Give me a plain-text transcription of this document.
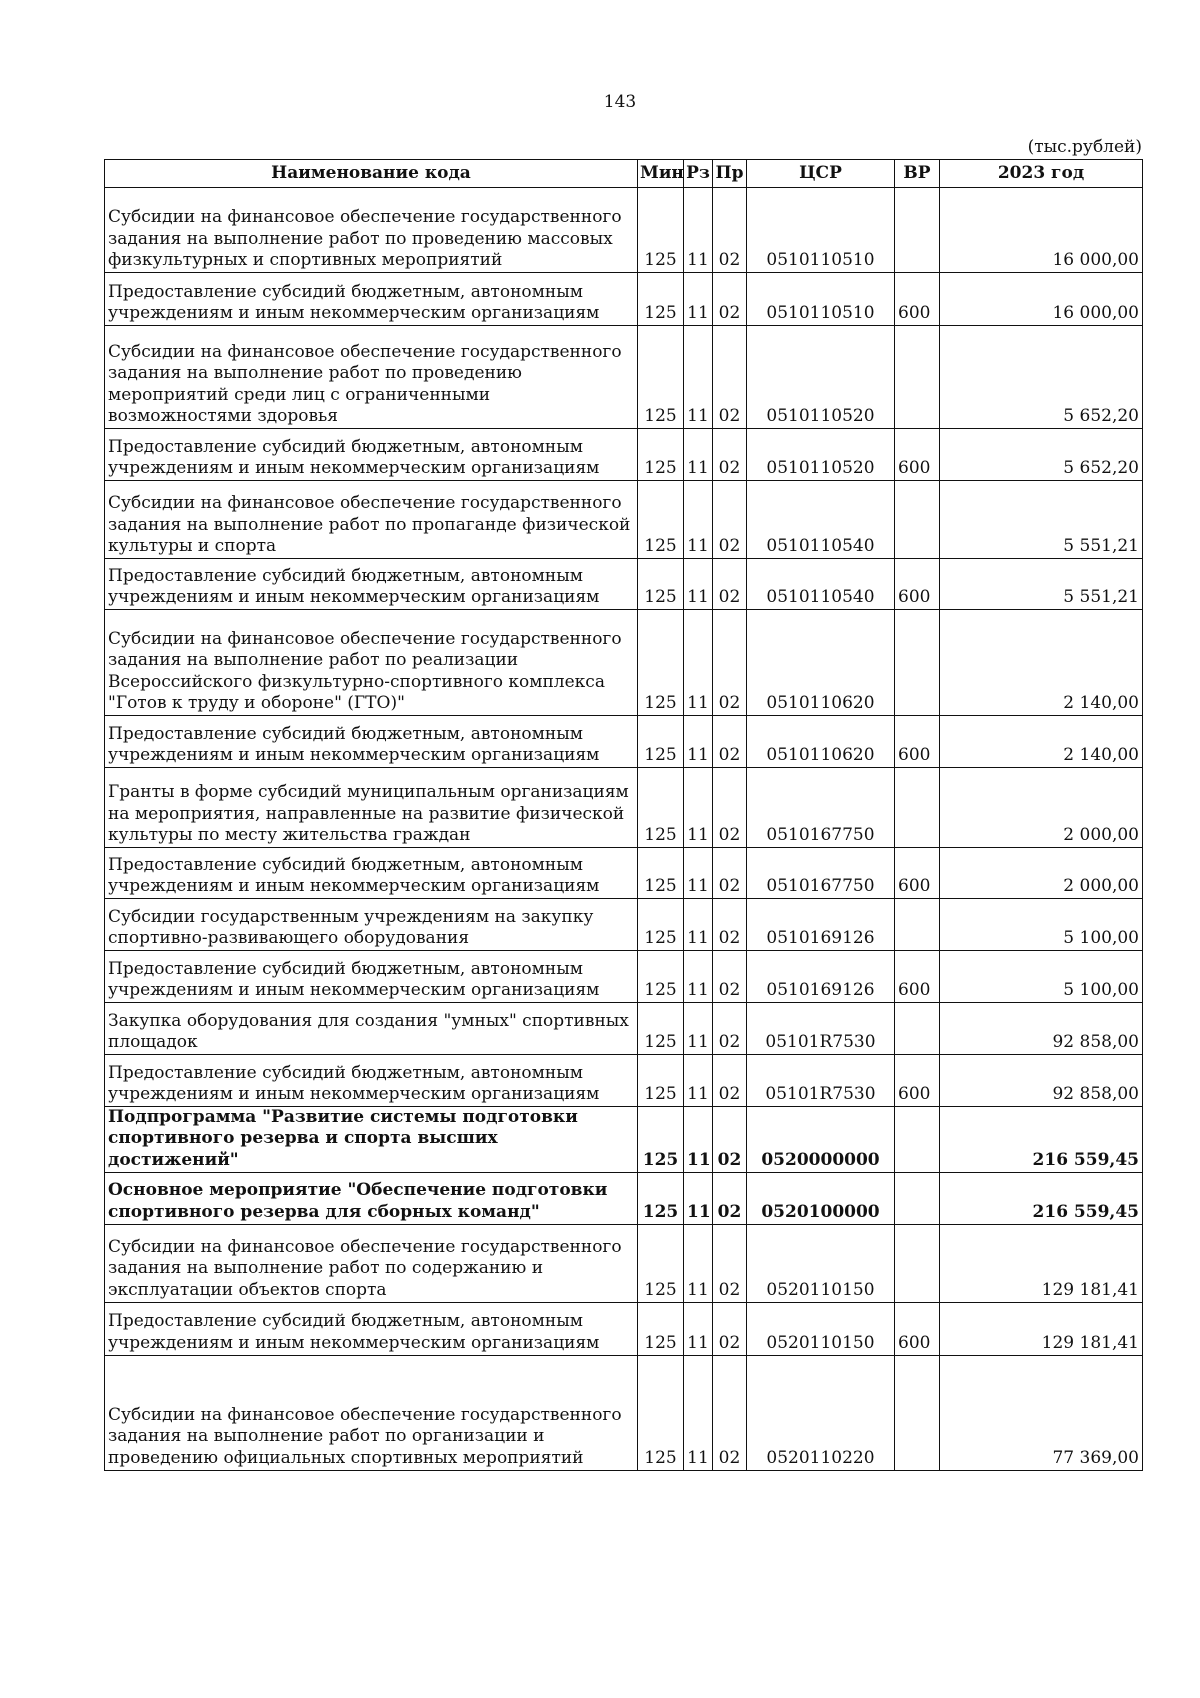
143
(тыс.рублей)
Наименование кода	Мин	Рз	Пр	ЦСР	ВР	2023 год
Субсидии на финансовое обеспечение государственного задания на выполнение работ по проведению массовых физкультурных и спортивных мероприятий	125	11	02	0510110510		16 000,00
Предоставление субсидий бюджетным, автономным учреждениям и иным некоммерческим организациям	125	11	02	0510110510	600	16 000,00
Субсидии на финансовое обеспечение государственного задания на выполнение работ по проведению мероприятий среди лиц с ограниченными возможностями здоровья	125	11	02	0510110520		5 652,20
Предоставление субсидий бюджетным, автономным учреждениям и иным некоммерческим организациям	125	11	02	0510110520	600	5 652,20
Субсидии на финансовое обеспечение государственного задания на выполнение работ по пропаганде физической культуры и спорта	125	11	02	0510110540		5 551,21
Предоставление субсидий бюджетным, автономным учреждениям и иным некоммерческим организациям	125	11	02	0510110540	600	5 551,21
Субсидии на финансовое обеспечение государственного задания на выполнение работ по реализации Всероссийского физкультурно-спортивного комплекса "Готов к труду и обороне" (ГТО)"	125	11	02	0510110620		2 140,00
Предоставление субсидий бюджетным, автономным учреждениям и иным некоммерческим организациям	125	11	02	0510110620	600	2 140,00
Гранты в форме субсидий муниципальным организациям на мероприятия, направленные на развитие физической культуры по месту жительства граждан	125	11	02	0510167750		2 000,00
Предоставление субсидий бюджетным, автономным учреждениям и иным некоммерческим организациям	125	11	02	0510167750	600	2 000,00
Субсидии государственным учреждениям на закупку спортивно-развивающего оборудования	125	11	02	0510169126		5 100,00
Предоставление субсидий бюджетным, автономным учреждениям и иным некоммерческим организациям	125	11	02	0510169126	600	5 100,00
Закупка оборудования для создания "умных" спортивных площадок	125	11	02	05101R7530		92 858,00
Предоставление субсидий бюджетным, автономным учреждениям и иным некоммерческим организациям	125	11	02	05101R7530	600	92 858,00
Подпрограмма "Развитие системы подготовки спортивного резерва и спорта высших достижений"	125	11	02	0520000000		216 559,45
Основное мероприятие "Обеспечение подготовки спортивного резерва для сборных команд"	125	11	02	0520100000		216 559,45
Субсидии на финансовое обеспечение государственного задания на выполнение работ по содержанию и эксплуатации объектов спорта	125	11	02	0520110150		129 181,41
Предоставление субсидий бюджетным, автономным учреждениям и иным некоммерческим организациям	125	11	02	0520110150	600	129 181,41
Субсидии на финансовое обеспечение государственного задания на выполнение работ по организации и проведению официальных спортивных мероприятий	125	11	02	0520110220		77 369,00
